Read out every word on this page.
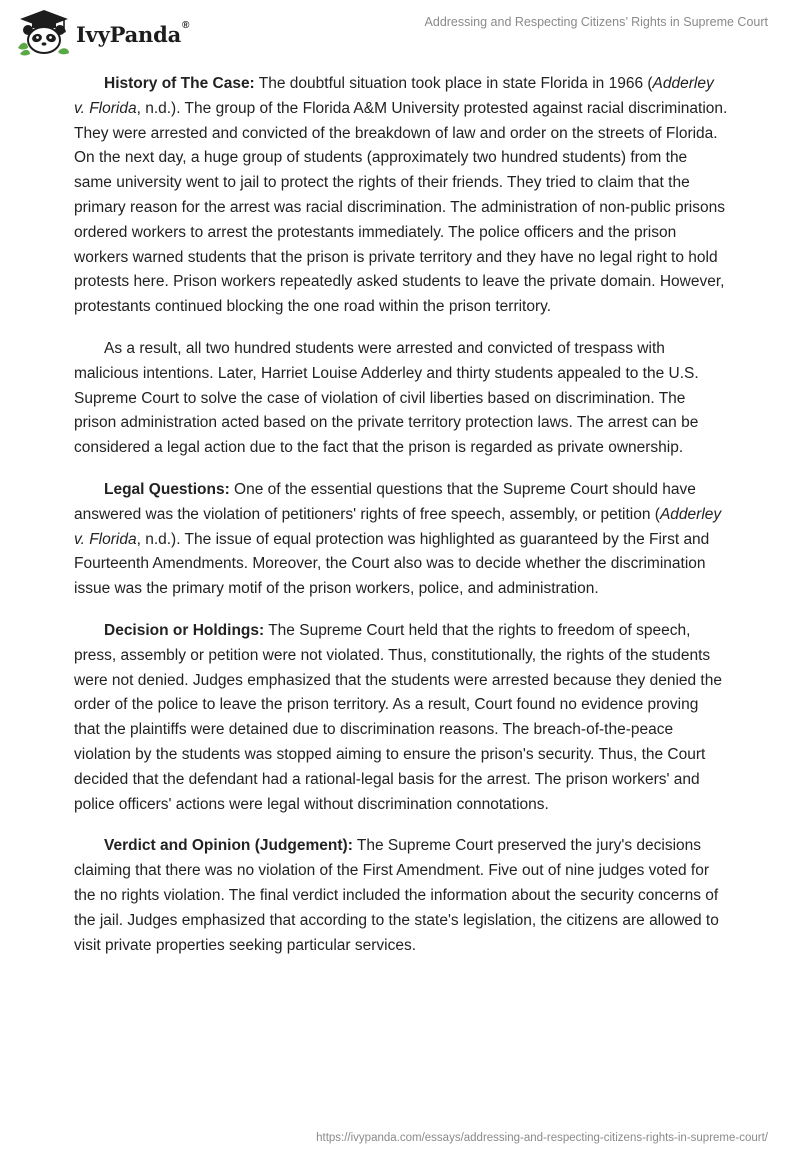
IvyPanda®	Addressing and Respecting Citizens’ Rights in Supreme Court

History of The Case: The doubtful situation took place in state Florida in 1966 (Adderley v. Florida, n.d.). The group of the Florida A&M University protested against racial discrimination. They were arrested and convicted of the breakdown of law and order on the streets of Florida. On the next day, a huge group of students (approximately two hundred students) from the same university went to jail to protect the rights of their friends. They tried to claim that the primary reason for the arrest was racial discrimination. The administration of non-public prisons ordered workers to arrest the protestants immediately. The police officers and the prison workers warned students that the prison is private territory and they have no legal right to hold protests here. Prison workers repeatedly asked students to leave the private domain. However, protestants continued blocking the one road within the prison territory.

As a result, all two hundred students were arrested and convicted of trespass with malicious intentions. Later, Harriet Louise Adderley and thirty students appealed to the U.S. Supreme Court to solve the case of violation of civil liberties based on discrimination. The prison administration acted based on the private territory protection laws. The arrest can be considered a legal action due to the fact that the prison is regarded as private ownership.

Legal Questions: One of the essential questions that the Supreme Court should have answered was the violation of petitioners' rights of free speech, assembly, or petition (Adderley v. Florida, n.d.). The issue of equal protection was highlighted as guaranteed by the First and Fourteenth Amendments. Moreover, the Court also was to decide whether the discrimination issue was the primary motif of the prison workers, police, and administration.

Decision or Holdings: The Supreme Court held that the rights to freedom of speech, press, assembly or petition were not violated. Thus, constitutionally, the rights of the students were not denied. Judges emphasized that the students were arrested because they denied the order of the police to leave the prison territory. As a result, Court found no evidence proving that the plaintiffs were detained due to discrimination reasons. The breach-of-the-peace violation by the students was stopped aiming to ensure the prison's security. Thus, the Court decided that the defendant had a rational-legal basis for the arrest. The prison workers' and police officers' actions were legal without discrimination connotations.

Verdict and Opinion (Judgement): The Supreme Court preserved the jury's decisions claiming that there was no violation of the First Amendment. Five out of nine judges voted for the no rights violation. The final verdict included the information about the security concerns of the jail. Judges emphasized that according to the state's legislation, the citizens are allowed to visit private properties seeking particular services.

https://ivypanda.com/essays/addressing-and-respecting-citizens-rights-in-supreme-court/
